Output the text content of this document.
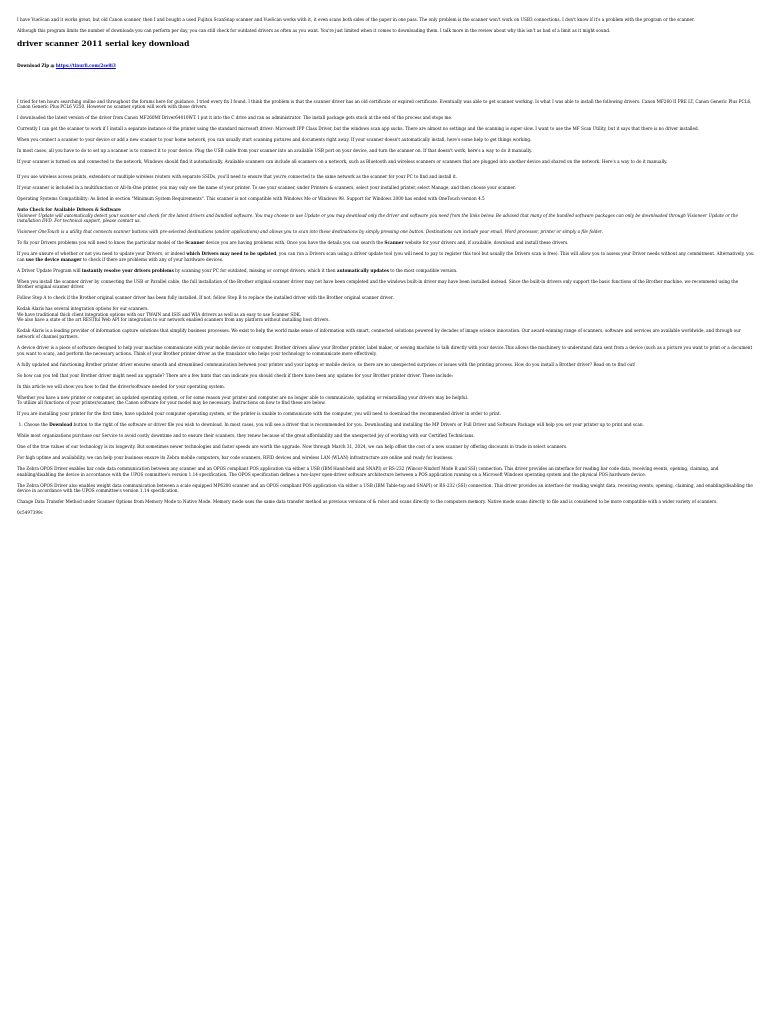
I have VueScan and it works great, but old Canon scanner, then I and bought a used Fujitsu ScanSnap scanner and VueScan works with it, it even scans both sides of the paper in one pass. The only problem is the scanner won't work on USB3 connections, I don't know if it's a problem with the program or the scanner.

Although this program limits the number of downloads you can perform per day, you can still check for outdated drivers as often as you want. You're just limited when it comes to downloading them. I talk more in the review about why this isn't as bad of a limit as it might sound.

driver scanner 2011 serial key download

Download Zip ⦂⦂⦂ https://tinurli.com/2se8i3

I tried for ten hours searching online and throughout the forums here for guidance. I tried every fix I found. I think the problem is that the scanner driver has an old certificate or expired certificate. Eventually was able to get scanner working. Is what I was able to install the following drivers. Canon MF260 II PRE LT, Canon Generic Plus PCL6, Canon Generic Plus PCL6 V250. However no scanner option will work with those drivers.

I downloaded the latest version of the driver from Canon MF260Mf Driver64010WT. I put it into the C drive and ran as administrator. The install package gets stuck at the end of the process and stops me.

Currently I can get the scanner to work if I install a separate instance of the printer using the standard microsoft driver: Microsoft IPP Class Driver, but the windows scan app sucks. There are almost no settings and the scanning is super slow. I want to use the MF Scan Utility, but it says that there is no driver installed.

When you connect a scanner to your device or add a new scanner to your home network, you can usually start scanning pictures and documents right away. If your scanner doesn't automatically install, here's some help to get things working.

In most cases, all you have to do to set up a scanner is to connect it to your device. Plug the USB cable from your scanner into an available USB port on your device, and turn the scanner on. If that doesn't work, here's a way to do it manually.

If your scanner is turned on and connected to the network, Windows should find it automatically. Available scanners can include all scanners on a network, such as Bluetooth and wireless scanners or scanners that are plugged into another device and shared on the network. Here's a way to do it manually.

If you use wireless access points, extenders or multiple wireless routers with separate SSIDs, you'll need to ensure that you're connected to the same network as the scanner for your PC to find and install it.

If your scanner is included in a multifunction or All-In-One printer, you may only see the name of your printer. To see your scanner, under Printers & scanners, select your installed printer, select Manage, and then choose your scanner.

Operating Systems Compatibility: As listed in section "Minimum System Requirements". This scanner is not compatible with Windows Me or Windows 98. Support for Windows 2000 has ended with OneTouch version 4.5

Auto Check for Available Drivers & Software

Visioneer Update will automatically detect your scanner and check for the latest drivers and bundled software. You may choose to use Update or you may download only the driver and software you need from the links below. Be advised that many of the bundled software packages can only be downloaded through Visioneer Update or the installation DVD. For technical support, please contact us.

Visioneer OneTouch is a utility that connects scanner buttons with pre-selected destinations (and/or applications) and allows you to scan into these destinations by simply pressing one button. Destinations can include your email, Word processor, printer or simply a file folder.

To fix your Drivers problems you will need to know the particular model of the Scanner device you are having problems with. Once you have the details you can search the Scanner website for your drivers and, if available, download and install these drivers.

If you are unsure of whether or not you need to update your Drivers, or indeed which Drivers may need to be updated, you can run a Drivers scan using a driver update tool (you will need to pay to register this tool but usually the Drivers scan is free). This will allow you to assess your Driver needs without any commitment. Alternatively, you can use the device manager to check if there are problems with any of your hardware devices.

A Driver Update Program will instantly resolve your drivers problems by scanning your PC for outdated, missing or corrupt drivers, which it then automatically updates to the most compatible version.

When you install the scanner driver by connecting the USB or Parallel cable, the full installation of the Brother original scanner driver may not have been completed and the windows built-in driver may have been installed instead. Since the built-in drivers only support the basic functions of the Brother machine, we recommend using the Brother original scanner driver.

Follow Step A to check if the Brother original scanner driver has been fully installed. If not, follow Step B to replace the installed driver with the Brother original scanner driver.

Kodak Alaris has several integration options for our scanners.
We have traditional thick client integration options with our TWAIN and ISIS and WIA drivers as well as an easy to use Scanner SDK.
We also have a state of the art RESTful Web API for integration to our network enabled scanners from any platform without installing host drivers.

Kodak Alaris is a leading provider of information capture solutions that simplify business processes. We exist to help the world make sense of information with smart, connected solutions powered by decades of image science innovation. Our award-winning range of scanners, software and services are available worldwide, and through our network of channel partners.

A device driver is a piece of software designed to help your machine communicate with your mobile device or computer. Brother drivers allow your Brother printer, label maker, or sewing machine to talk directly with your device.This allows the machinery to understand data sent from a device (such as a picture you want to print or a document you want to scan), and perform the necessary actions. Think of your Brother printer driver as the translator who helps your technology to communicate more effectively.

A fully updated and functioning Brother printer driver ensures smooth and streamlined communication between your printer and your laptop or mobile device, so there are no unexpected surprises or issues with the printing process. How do you install a Brother driver? Read on to find out!

So how can you tell that your Brother driver might need an upgrade? There are a few hints that can indicate you should check if there have been any updates for your Brother printer driver. These include:

In this article we will show you how to find the driver/software needed for your operating system.

Whether you have a new printer or computer, an updated operating system, or for some reason your printer and computer are no longer able to communicate, updating or reinstalling your drivers may be helpful.
To utilize all functions of your printer/scanner, the Canon software for your model may be necessary. Instructions on how to find these are below.

If you are installing your printer for the first time, have updated your computer operating system, or the printer is unable to communicate with the computer, you will need to download the recommended driver in order to print.

1. Choose the Download button to the right of the software or driver file you wish to download. In most cases, you will see a driver that is recommended for you. Downloading and installing the MP Drivers or Full Driver and Software Package will help you set your printer up to print and scan.

While most organizations purchase our Service to avoid costly downtime and to ensure their scanners, they renew because of the great affordability and the unexpected joy of working with our Certified Technicians.

One of the true values of our technology is its longevity. But sometimes newer technologies and faster speeds are worth the upgrade. Now through March 31, 2024, we can help offset the cost of a new scanner by offering discounts in trade in select scanners.

For high uptime and availability, we can help your business ensure its Zebra mobile computers, bar code scanners, RFID devices and wireless LAN (WLAN) infrastructure are online and ready for business.

The Zebra OPOS Driver enables bar code data communication between any scanner and an OPOS compliant POS application via either a USB (IBM Hand-held and SNAPI) or RS-232 (Wincor-Nixdorf Mode B and SSI) connection. This driver provides an interface for reading bar code data, receiving events, opening, claiming, and enabling/disabling the device in accordance with the UPOS committee's version 1.14 specification. The OPOS specification defines a two-layer open-driver software architecture between a POS application running on a Microsoft Windows operating system and the physical POS hardware device.

The Zebra OPOS Driver also enables weight data communication between a scale equipped MP6200 scanner and an OPOS compliant POS application via either a USB (IBM Table-top and SNAPI) or RS-232 (SSI) connection. This driver provides an interface for reading weight data, receiving events, opening, claiming, and enabling/disabling the device in accordance with the UPOS committee's version 1.14 specification.

Change Data Transfer Method under Scanner Options from Memory Mode to Native Mode. Memory mode uses the same data transfer method as previous versions of & robot and scans directly to the computers memory. Native mode scans directly to file and is considered to be more compatible with a wider variety of scanners.

0c5497399c
